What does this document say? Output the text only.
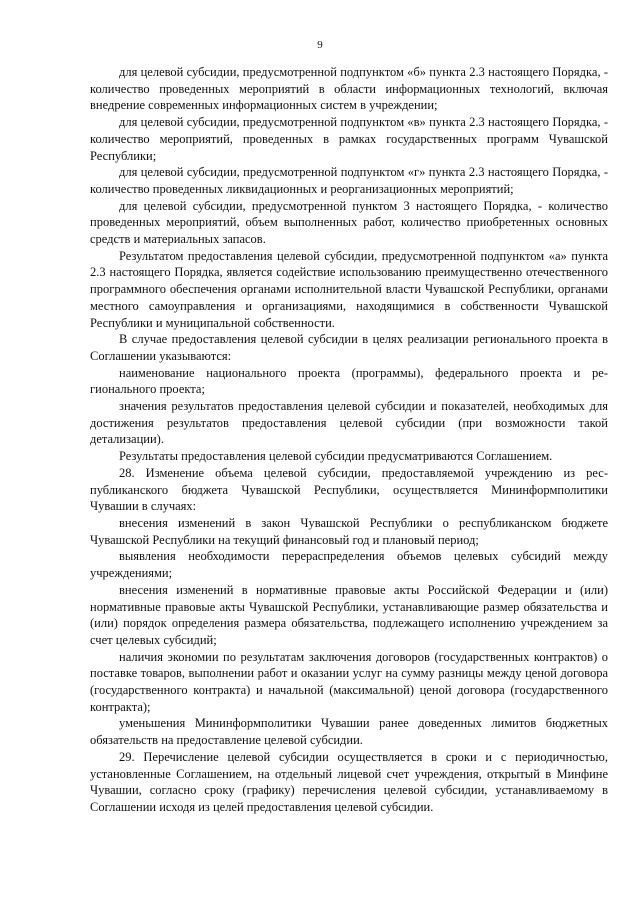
9

для целевой субсидии, предусмотренной подпунктом «б» пункта 2.3 настоящего Порядка, - количество проведенных мероприятий в области информационных технологий, включая внедрение современных информационных систем в учреждении;

для целевой субсидии, предусмотренной подпунктом «в» пункта 2.3 настоящего Порядка, - количество мероприятий, проведенных в рамках государственных программ Чувашской Республики;

для целевой субсидии, предусмотренной подпунктом «г» пункта 2.3 настоящего Порядка, - количество проведенных ликвидационных и реорганизационных мероприятий;

для целевой субсидии, предусмотренной пунктом 3 настоящего Порядка, - количество проведенных мероприятий, объем выполненных работ, количество приобретенных основных средств и материальных запасов.

Результатом предоставления целевой субсидии, предусмотренной подпунктом «а» пункта 2.3 настоящего Порядка, является содействие использованию преимущественно отечественного программного обеспечения органами исполнительной власти Чувашской Республики, органами местного самоуправления и организациями, находящимися в собственности Чувашской Республики и муниципальной собственности.

В случае предоставления целевой субсидии в целях реализации регионального проекта в Соглашении указываются:

наименование национального проекта (программы), федерального проекта и регионального проекта;

значения результатов предоставления целевой субсидии и показателей, необходимых для достижения результатов предоставления целевой субсидии (при возможности такой детализации).

Результаты предоставления целевой субсидии предусматриваются Соглашением.

28. Изменение объема целевой субсидии, предоставляемой учреждению из республиканского бюджета Чувашской Республики, осуществляется Мининформполитики Чувашии в случаях:

внесения изменений в закон Чувашской Республики о республиканском бюджете Чувашской Республики на текущий финансовый год и плановый период;

выявления необходимости перераспределения объемов целевых субсидий между учреждениями;

внесения изменений в нормативные правовые акты Российской Федерации и (или) нормативные правовые акты Чувашской Республики, устанавливающие размер обязательства и (или) порядок определения размера обязательства, подлежащего исполнению учреждением за счет целевых субсидий;

наличия экономии по результатам заключения договоров (государственных контрактов) о поставке товаров, выполнении работ и оказании услуг на сумму разницы между ценой договора (государственного контракта) и начальной (максимальной) ценой договора (государственного контракта);

уменьшения Мининформполитики Чувашии ранее доведенных лимитов бюджетных обязательств на предоставление целевой субсидии.

29. Перечисление целевой субсидии осуществляется в сроки и с периодичностью, установленные Соглашением, на отдельный лицевой счет учреждения, открытый в Минфине Чувашии, согласно сроку (графику) перечисления целевой субсидии, устанавливаемому в Соглашении исходя из целей предоставления целевой субсидии.
